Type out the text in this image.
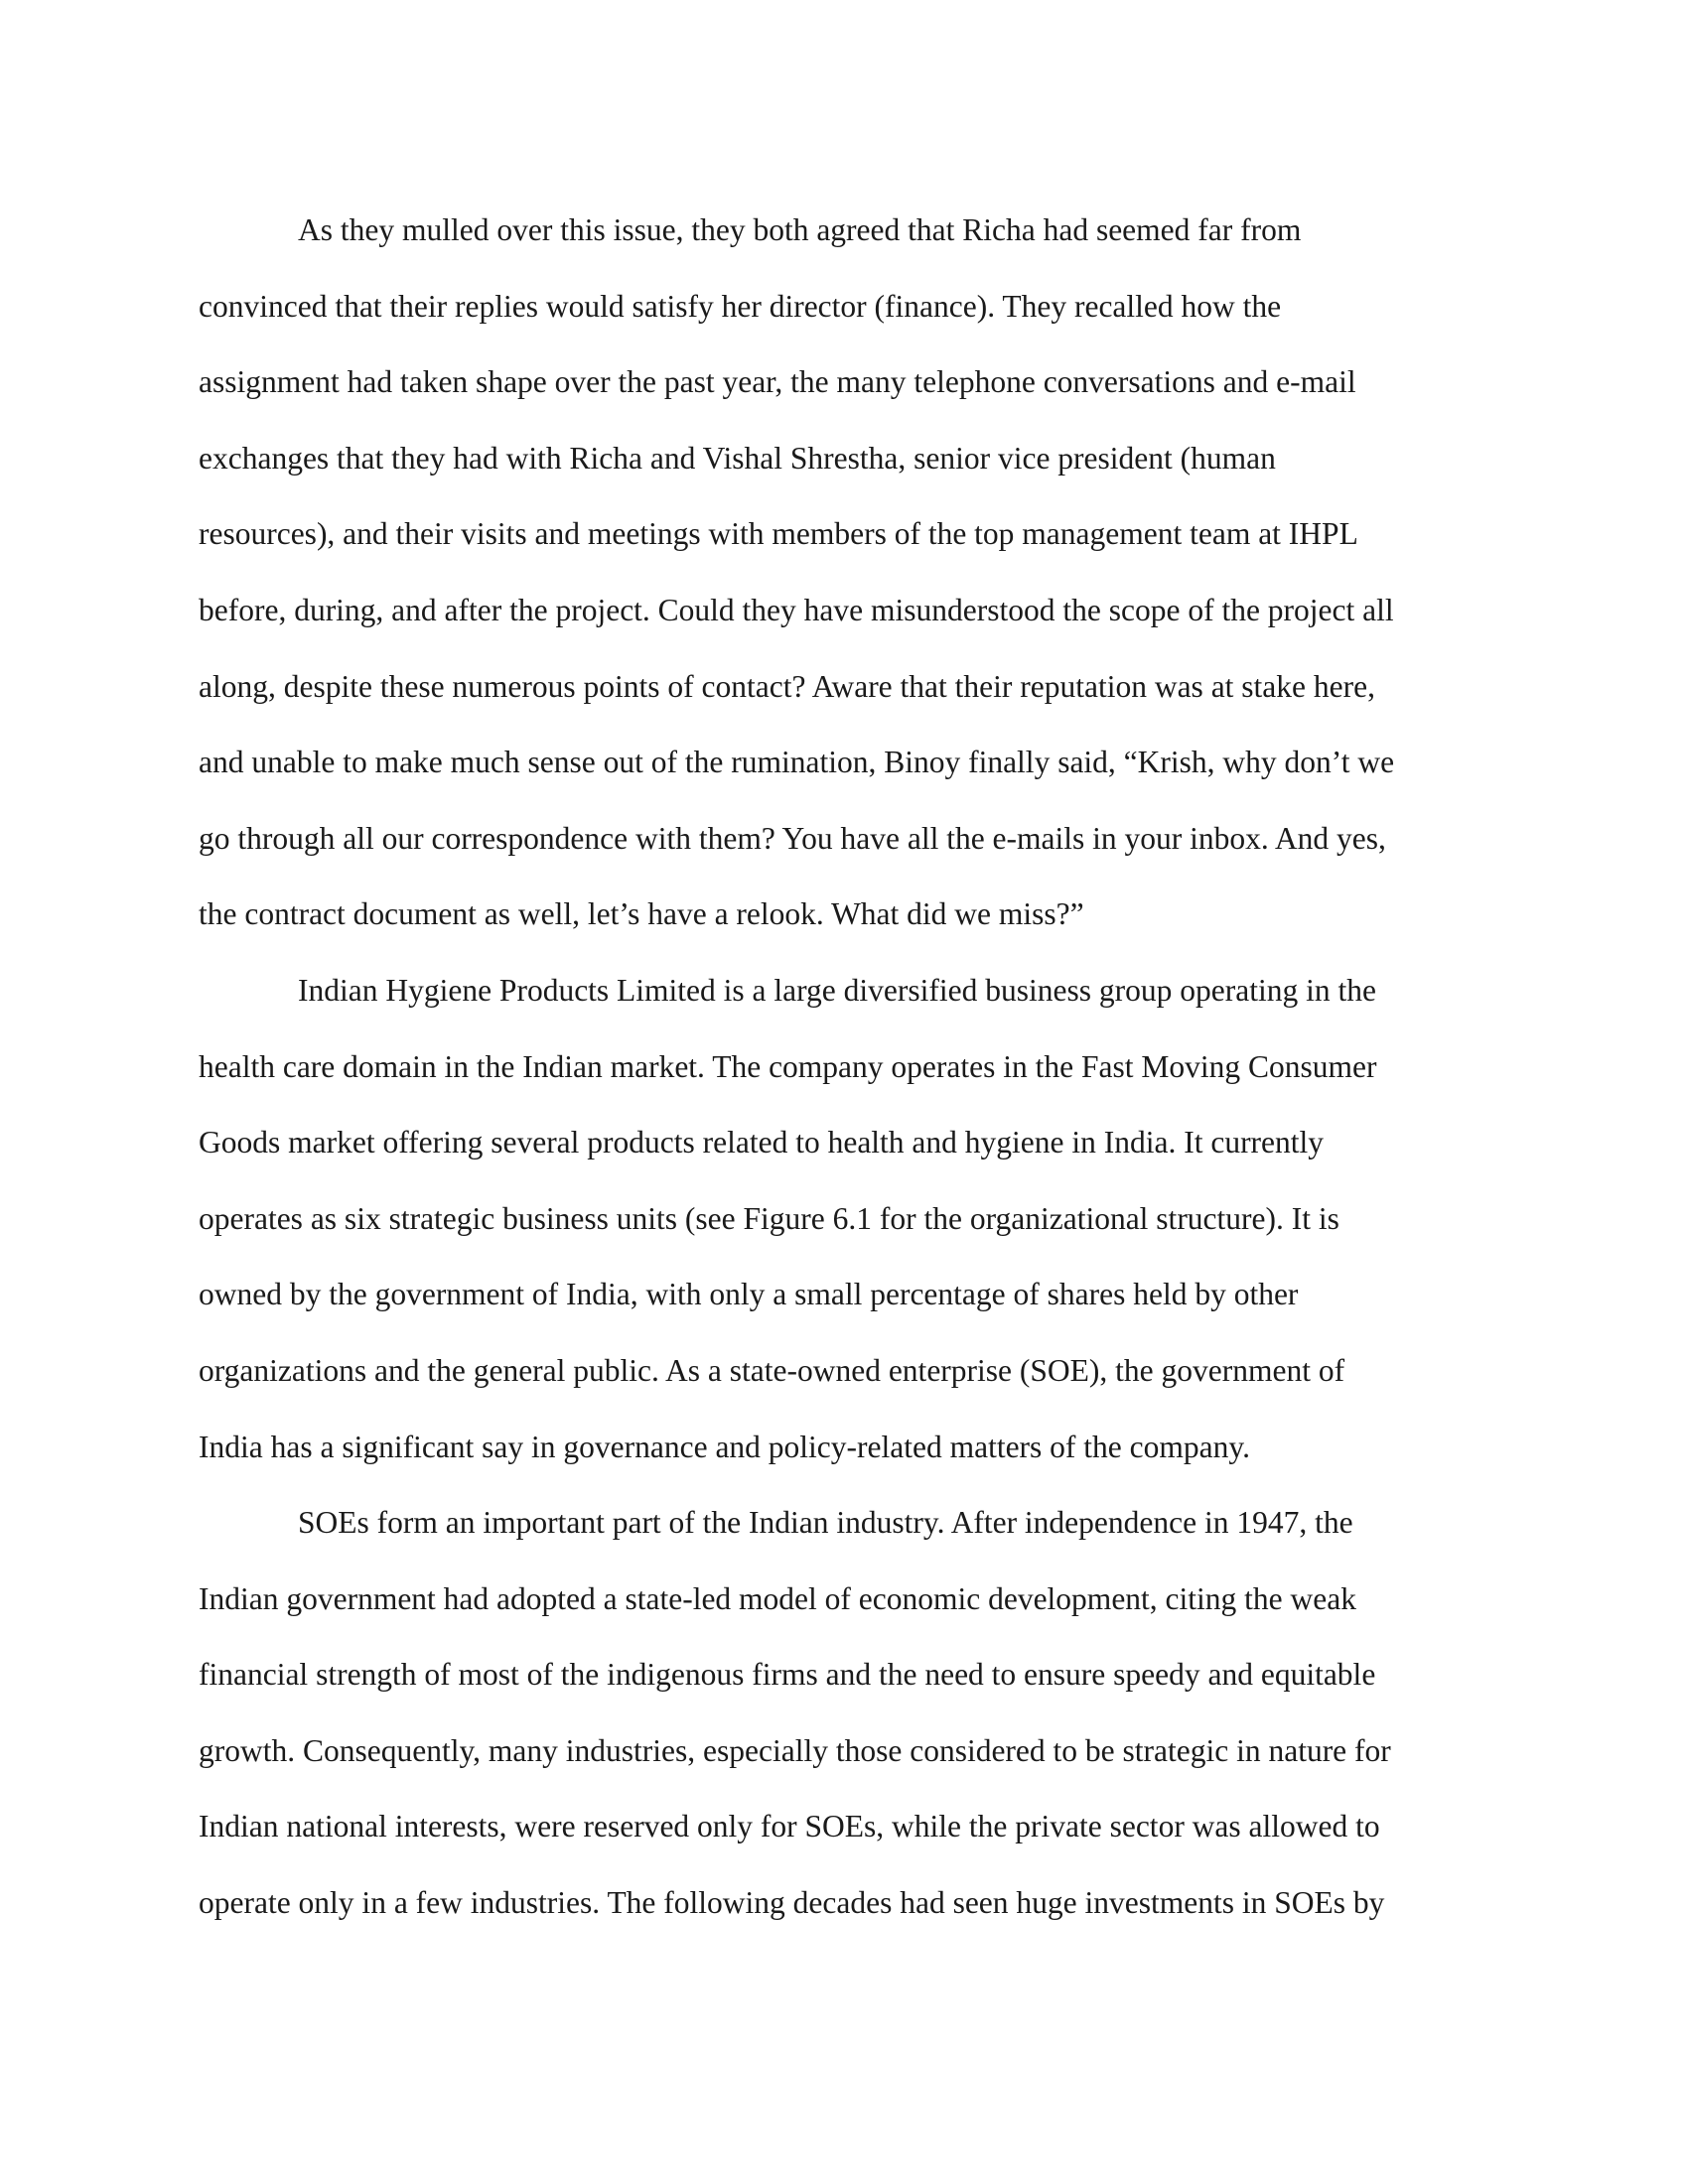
As they mulled over this issue, they both agreed that Richa had seemed far from
convinced that their replies would satisfy her director (finance). They recalled how the
assignment had taken shape over the past year, the many telephone conversations and e-mail
exchanges that they had with Richa and Vishal Shrestha, senior vice president (human
resources), and their visits and meetings with members of the top management team at IHPL
before, during, and after the project. Could they have misunderstood the scope of the project all
along, despite these numerous points of contact? Aware that their reputation was at stake here,
and unable to make much sense out of the rumination, Binoy finally said, “Krish, why don’t we
go through all our correspondence with them? You have all the e-mails in your inbox. And yes,
the contract document as well, let’s have a relook. What did we miss?”
Indian Hygiene Products Limited is a large diversified business group operating in the
health care domain in the Indian market. The company operates in the Fast Moving Consumer
Goods market offering several products related to health and hygiene in India. It currently
operates as six strategic business units (see Figure 6.1 for the organizational structure). It is
owned by the government of India, with only a small percentage of shares held by other
organizations and the general public. As a state-owned enterprise (SOE), the government of
India has a significant say in governance and policy-related matters of the company.
SOEs form an important part of the Indian industry. After independence in 1947, the
Indian government had adopted a state-led model of economic development, citing the weak
financial strength of most of the indigenous firms and the need to ensure speedy and equitable
growth. Consequently, many industries, especially those considered to be strategic in nature for
Indian national interests, were reserved only for SOEs, while the private sector was allowed to
operate only in a few industries. The following decades had seen huge investments in SOEs by
